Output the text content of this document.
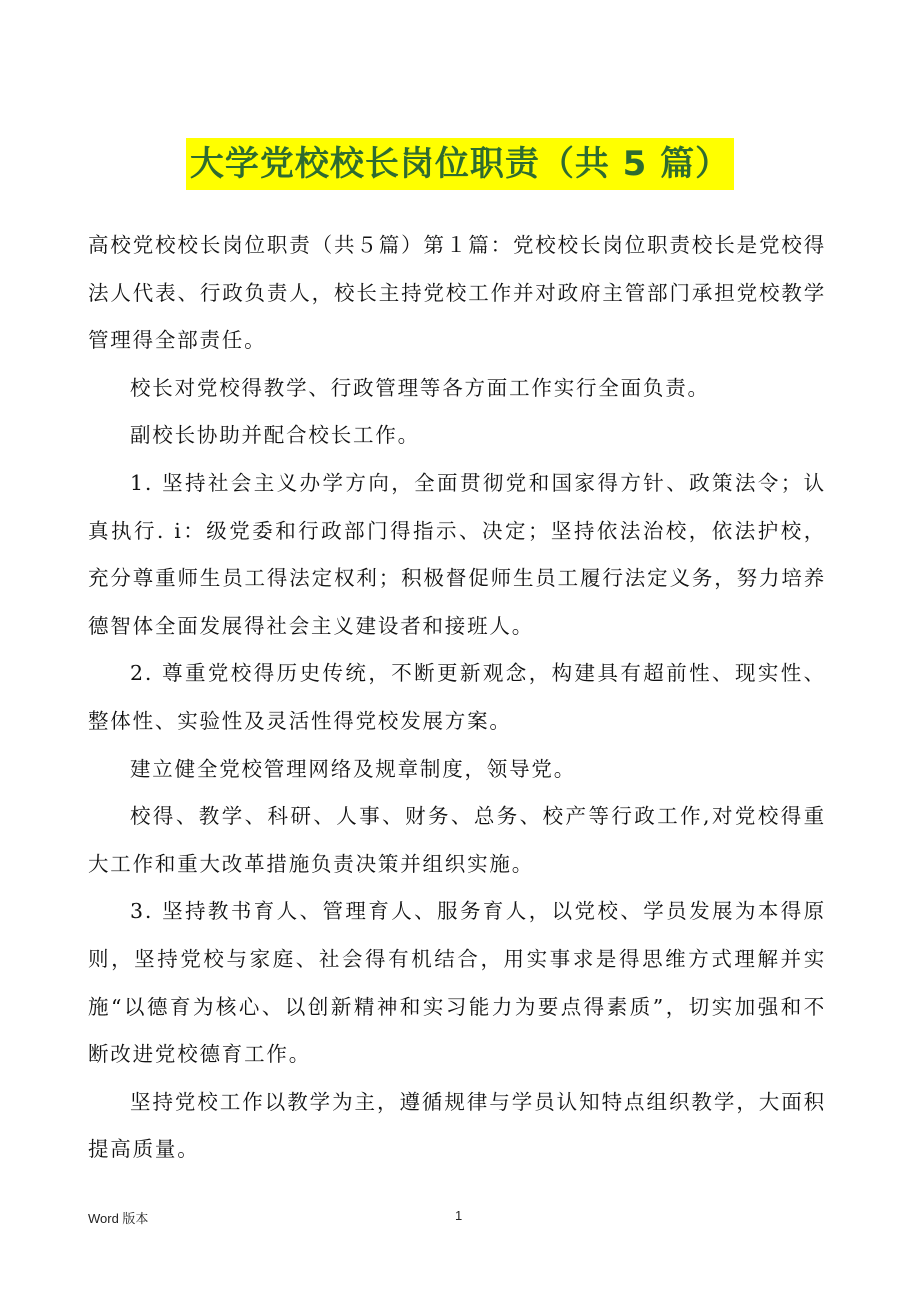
大学党校校长岗位职责（共 5 篇）

高校党校校长岗位职责（共５篇）第１篇：党校校长岗位职责校长是党校得法人代表、行政负责人，校长主持党校工作并对政府主管部门承担党校教学管理得全部责任。

校长对党校得教学、行政管理等各方面工作实行全面负责。

副校长协助并配合校长工作。

1. 坚持社会主义办学方向，全面贯彻党和国家得方针、政策法令；认真执行. i：级党委和行政部门得指示、决定；坚持依法治校，依法护校，充分尊重师生员工得法定权利；积极督促师生员工履行法定义务，努力培养德智体全面发展得社会主义建设者和接班人。

2. 尊重党校得历史传统，不断更新观念，构建具有超前性、现实性、整体性、实验性及灵活性得党校发展方案。

建立健全党校管理网络及规章制度，领导党。

校得、教学、科研、人事、财务、总务、校产等行政工作,对党校得重大工作和重大改革措施负责决策并组织实施。

3. 坚持教书育人、管理育人、服务育人，以党校、学员发展为本得原则，坚持党校与家庭、社会得有机结合，用实事求是得思维方式理解并实施“以德育为核心、以创新精神和实习能力为要点得素质”，切实加强和不断改进党校德育工作。

坚持党校工作以教学为主，遵循规律与学员认知特点组织教学，大面积提高质量。

Word 版本	1
